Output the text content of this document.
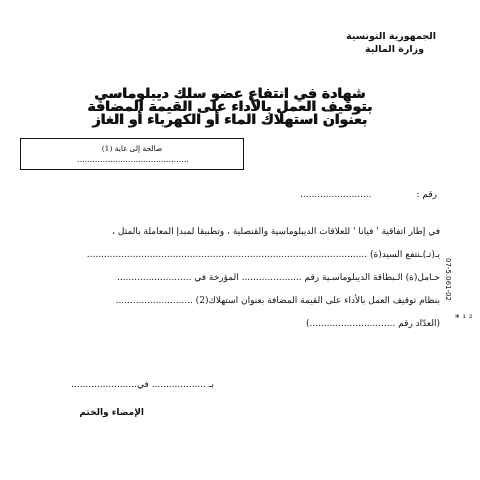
الجمهورية التونسية
وزارة المالية
شهادة في انتفاع عضو سلك ديبلوماسي
بتوقيف العمل بالأداء على القيمة المضافة
بعنوان استهلاك الماء أو الكهرباء أو الغاز
صالحة إلى غاية (1)
............................................
رقم :
.........................
في إطار اتفاقية ' فيانا ' للعلاقات الديبلوماسية والقنصلية ، وتطبيقا لمبدإ المعاملة بالمثل ،
يـ(تـ)ـنتفع السيد(ة) ..................................................................................................
حـامل(ة) الـبطاقة الديبلوماسـية رقم ..................... المؤرخة في ..........................
بنظام توقيف العمل بالأداء على القيمة المضافة بعنوان استهلاك(2) ...........................
(العدّاد رقم ..............................)
07-5.061-02
* ¹ ²
بـ ................... في.......................
الإمضاء والختم
